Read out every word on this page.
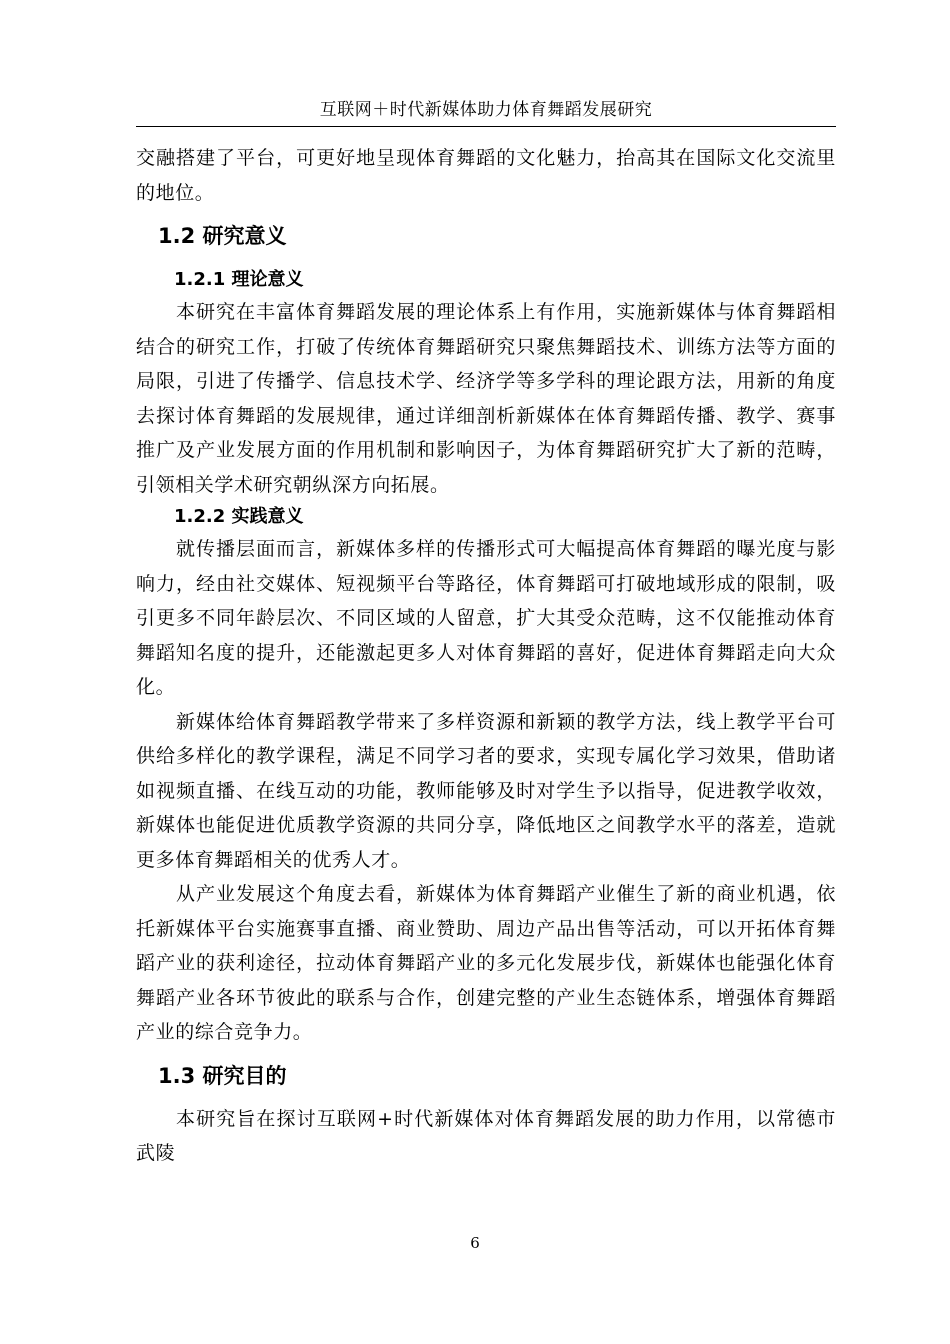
互联网＋时代新媒体助力体育舞蹈发展研究

交融搭建了平台，可更好地呈现体育舞蹈的文化魅力，抬高其在国际文化交流里的地位。

1.2 研究意义
1.2.1 理论意义

本研究在丰富体育舞蹈发展的理论体系上有作用，实施新媒体与体育舞蹈相结合的研究工作，打破了传统体育舞蹈研究只聚焦舞蹈技术、训练方法等方面的局限，引进了传播学、信息技术学、经济学等多学科的理论跟方法，用新的角度去探讨体育舞蹈的发展规律，通过详细剖析新媒体在体育舞蹈传播、教学、赛事推广及产业发展方面的作用机制和影响因子，为体育舞蹈研究扩大了新的范畴，引领相关学术研究朝纵深方向拓展。

1.2.2 实践意义

就传播层面而言，新媒体多样的传播形式可大幅提高体育舞蹈的曝光度与影响力，经由社交媒体、短视频平台等路径，体育舞蹈可打破地域形成的限制，吸引更多不同年龄层次、不同区域的人留意，扩大其受众范畴，这不仅能推动体育舞蹈知名度的提升，还能激起更多人对体育舞蹈的喜好，促进体育舞蹈走向大众化。

新媒体给体育舞蹈教学带来了多样资源和新颖的教学方法，线上教学平台可供给多样化的教学课程，满足不同学习者的要求，实现专属化学习效果，借助诸如视频直播、在线互动的功能，教师能够及时对学生予以指导，促进教学收效，新媒体也能促进优质教学资源的共同分享，降低地区之间教学水平的落差，造就更多体育舞蹈相关的优秀人才。

从产业发展这个角度去看，新媒体为体育舞蹈产业催生了新的商业机遇，依托新媒体平台实施赛事直播、商业赞助、周边产品出售等活动，可以开拓体育舞蹈产业的获利途径，拉动体育舞蹈产业的多元化发展步伐，新媒体也能强化体育舞蹈产业各环节彼此的联系与合作，创建完整的产业生态链体系，增强体育舞蹈产业的综合竞争力。

1.3 研究目的

本研究旨在探讨互联网+时代新媒体对体育舞蹈发展的助力作用，以常德市武陵

6
